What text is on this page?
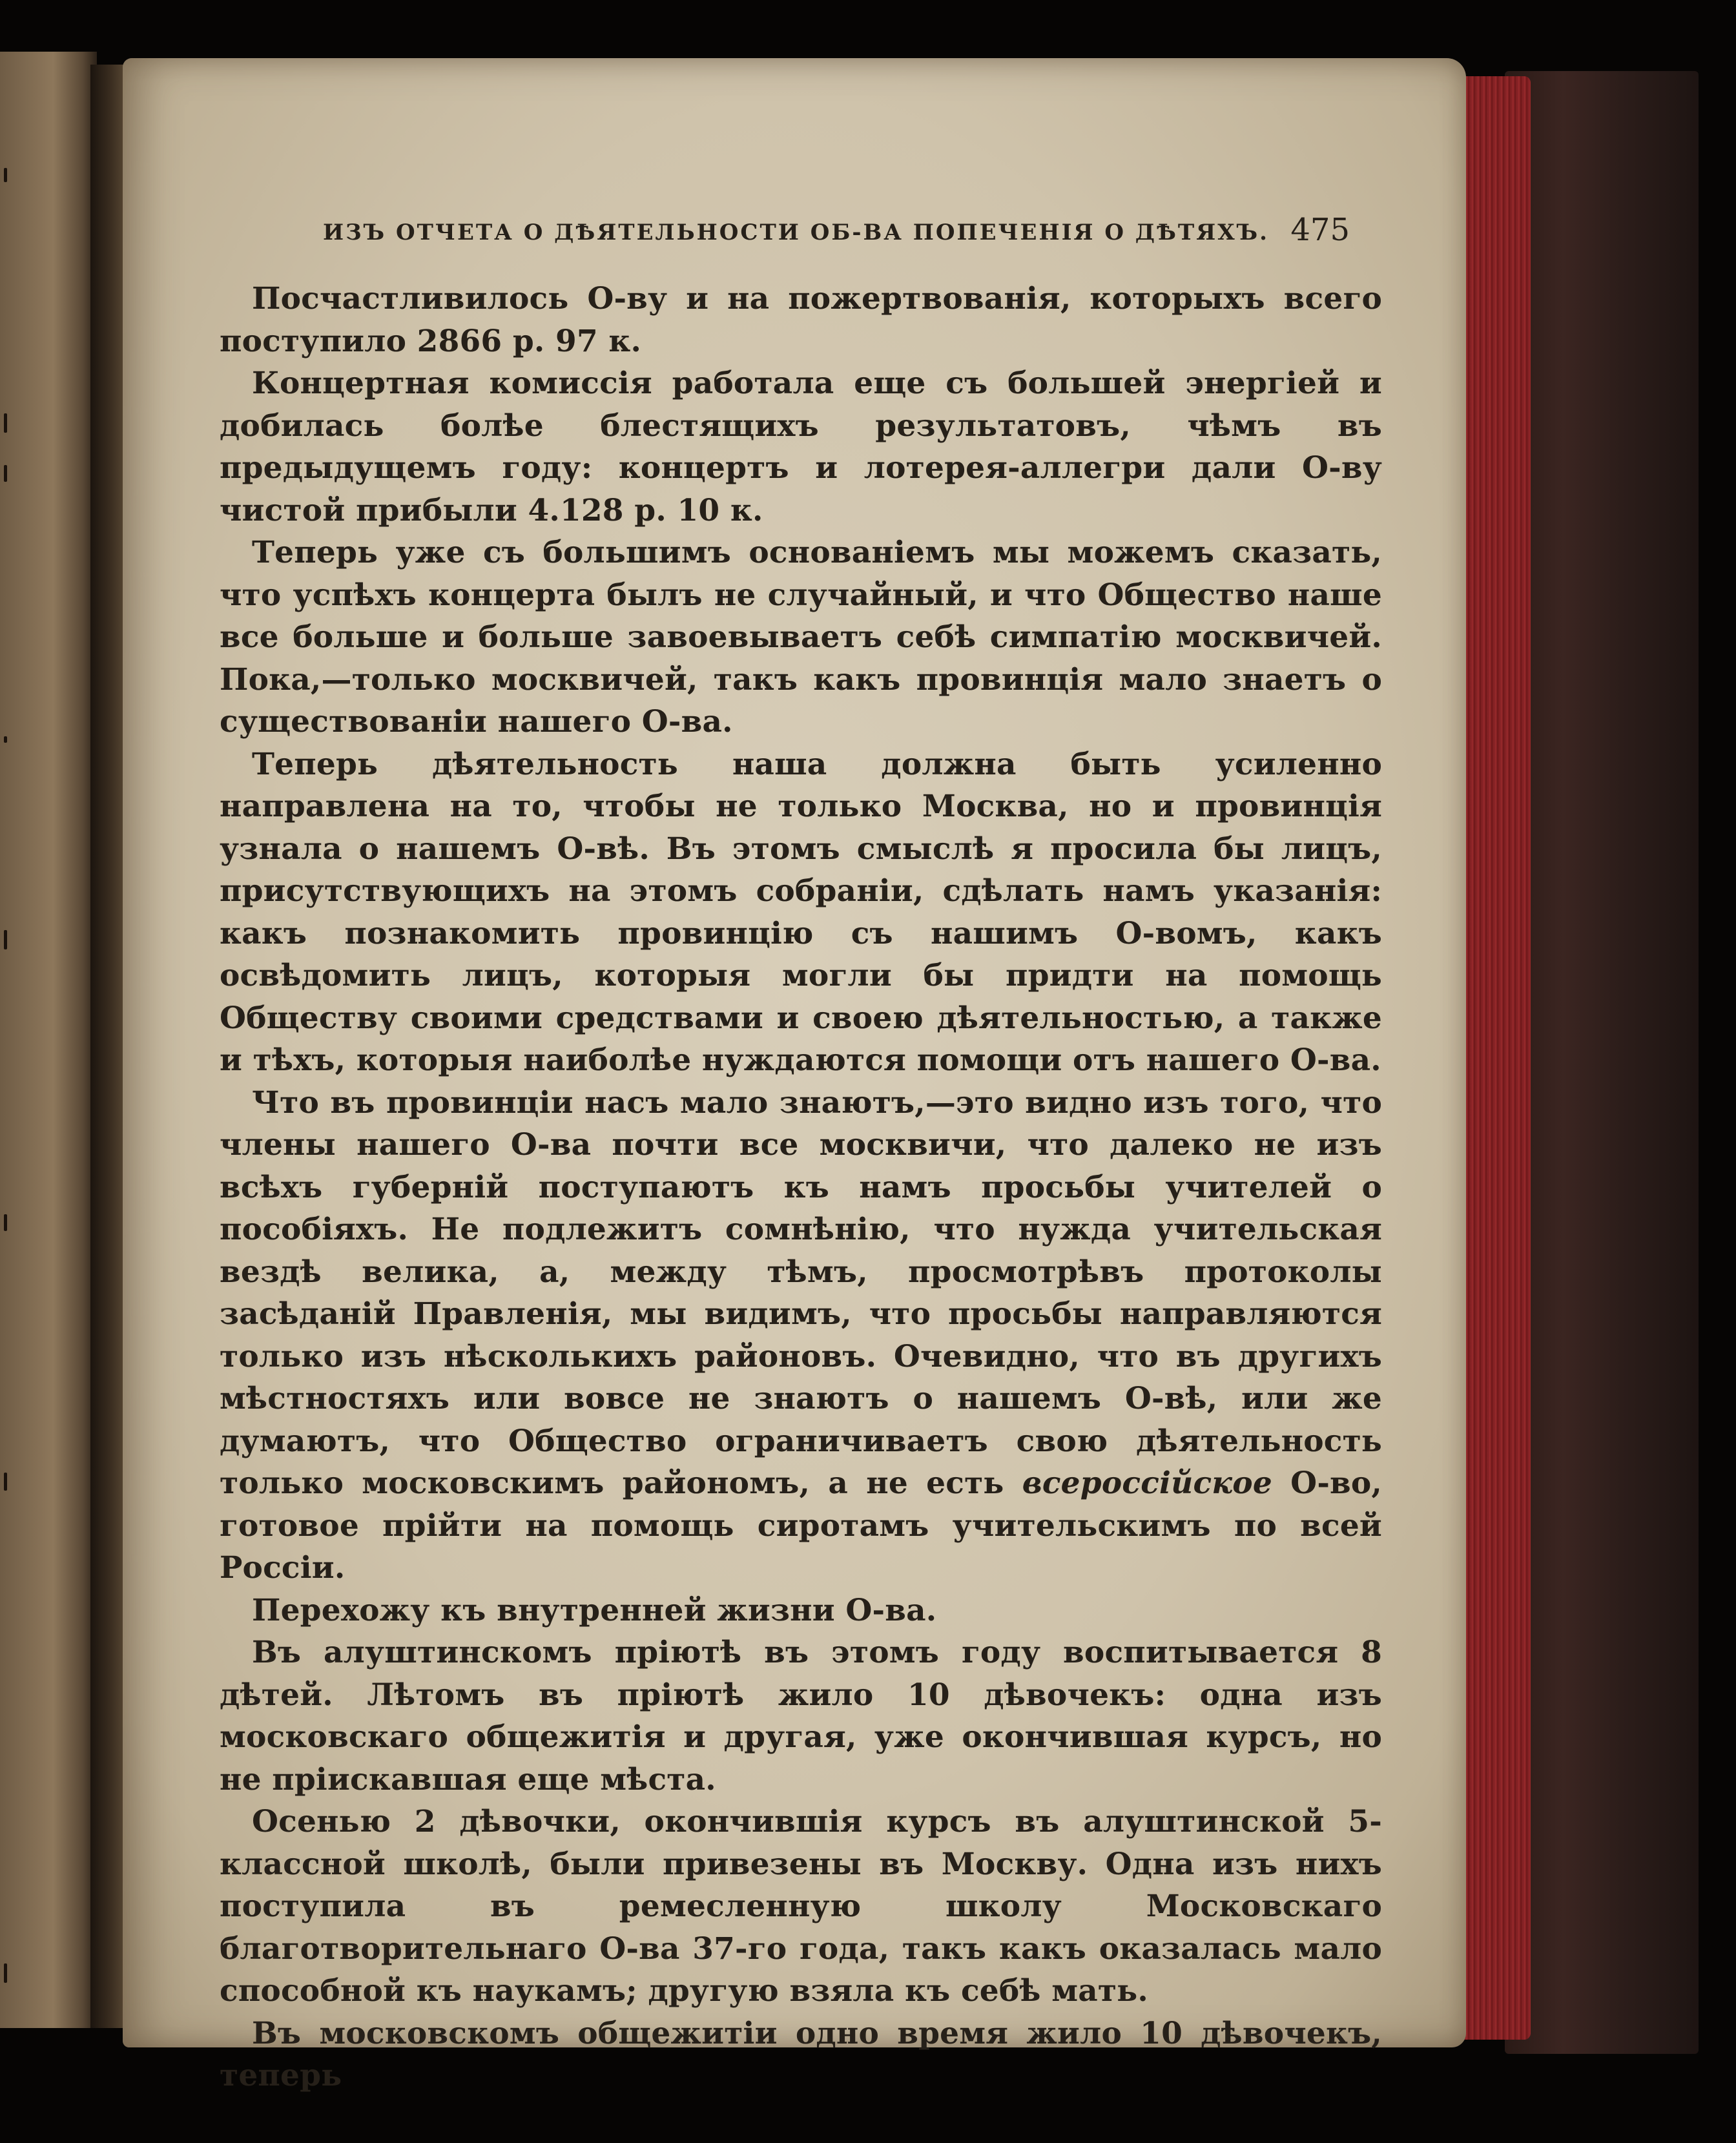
ИЗЪ ОТЧЕТА О ДѢЯТЕЛЬНОСТИ ОБ-ВА ПОПЕЧЕНІЯ О ДѢТЯХЪ. 475

Посчастливилось О-ву и на пожертвованія, которыхъ всего поступило 2866 р. 97 к.

Концертная комиссія работала еще съ большей энергіей и добилась болѣе блестящихъ результатовъ, чѣмъ въ предыдущемъ году: концертъ и лотерея-аллегри дали О-ву чистой прибыли 4.128 р. 10 к.

Теперь уже съ большимъ основаніемъ мы можемъ сказать, что успѣхъ концерта былъ не случайный, и что Общество наше все больше и больше завоевываетъ себѣ симпатію москвичей. Пока,—только москвичей, такъ какъ провинція мало знаетъ о существованіи нашего О-ва.

Теперь дѣятельность наша должна быть усиленно направлена на то, чтобы не только Москва, но и провинція узнала о нашемъ О-вѣ. Въ этомъ смыслѣ я просила бы лицъ, присутствующихъ на этомъ собраніи, сдѣлать намъ указанія: какъ познакомить провинцію съ нашимъ О-вомъ, какъ освѣдомить лицъ, которыя могли бы придти на помощь Обществу своими средствами и своею дѣятельностью, а также и тѣхъ, которыя наиболѣе нуждаются помощи отъ нашего О-ва.

Что въ провинціи насъ мало знаютъ,—это видно изъ того, что члены нашего О-ва почти все москвичи, что далеко не изъ всѣхъ губерній поступаютъ къ намъ просьбы учителей о пособіяхъ. Не подлежитъ сомнѣнію, что нужда учительская вездѣ велика, а, между тѣмъ, просмотрѣвъ протоколы засѣданій Правленія, мы видимъ, что просьбы направляются только изъ нѣсколькихъ районовъ. Очевидно, что въ другихъ мѣстностяхъ или вовсе не знаютъ о нашемъ О-вѣ, или же думаютъ, что Общество ограничиваетъ свою дѣятельность только московскимъ райономъ, а не есть всероссійское О-во, готовое прійти на помощь сиротамъ учительскимъ по всей Россіи.

Перехожу къ внутренней жизни О-ва.

Въ алуштинскомъ пріютѣ въ этомъ году воспитывается 8 дѣтей. Лѣтомъ въ пріютѣ жило 10 дѣвочекъ: одна изъ московскаго общежитія и другая, уже окончившая курсъ, но не пріискавшая еще мѣста.

Осенью 2 дѣвочки, окончившія курсъ въ алуштинской 5-классной школѣ, были привезены въ Москву. Одна изъ нихъ поступила въ ремесленную школу Московскаго благотворительнаго О-ва 37-го года, такъ какъ оказалась мало способной къ наукамъ; другую взяла къ себѣ мать.

Въ московскомъ общежитіи одно время жило 10 дѣвочекъ, теперь
